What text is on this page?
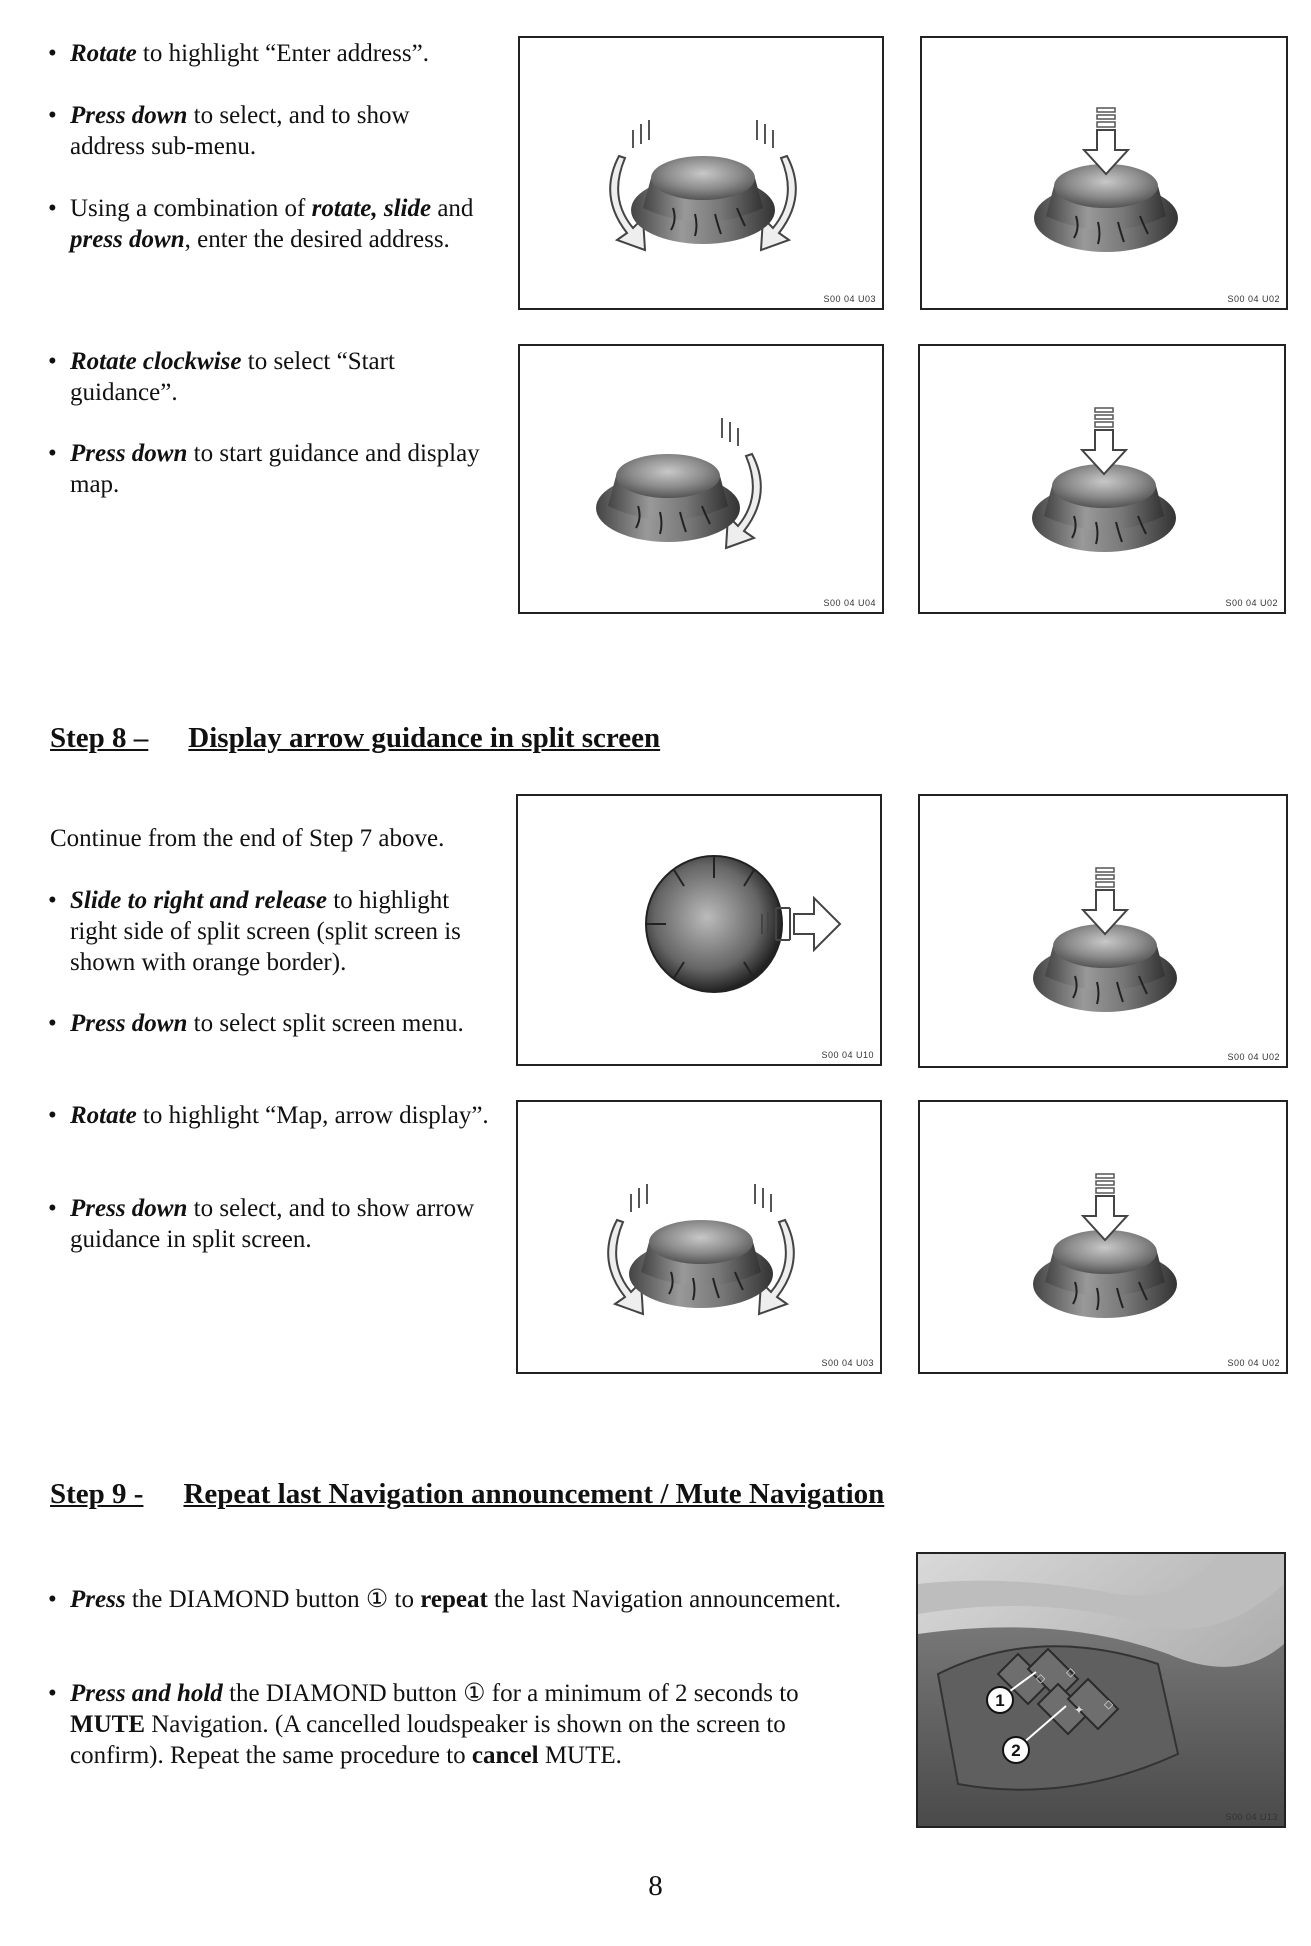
• Rotate to highlight “Enter address”.
• Press down to select, and to show address sub-menu.
• Using a combination of rotate, slide and press down, enter the desired address.
• Rotate clockwise to select “Start guidance”.
• Press down to start guidance and display map.
S00 04 U03	S00 04 U02
S00 04 U04	S00 04 U02
Step 8 – Display arrow guidance in split screen
Continue from the end of Step 7 above.
• Slide to right and release to highlight right side of split screen (split screen is shown with orange border).
• Press down to select split screen menu.
• Rotate to highlight “Map, arrow display”.
• Press down to select, and to show arrow guidance in split screen.
S00 04 U10	S00 04 U02
S00 04 U03	S00 04 U02
Step 9 - Repeat last Navigation announcement / Mute Navigation
• Press the DIAMOND button ① to repeat the last Navigation announcement.
• Press and hold the DIAMOND button ① for a minimum of 2 seconds to MUTE Navigation. (A cancelled loudspeaker is shown on the screen to confirm). Repeat the same procedure to cancel MUTE.
◇ ◇
✦ ◇
1
2
S00 04 U13
8
